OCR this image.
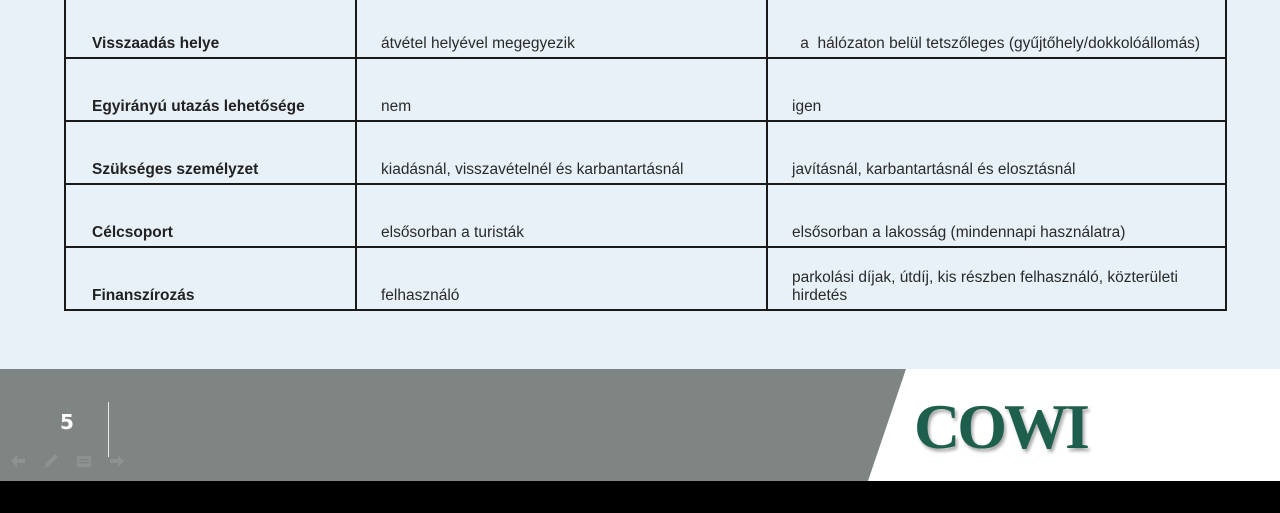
Visszaadás helye	átvétel helyével megegyezik	a  hálózaton belül tetszőleges (gyűjtőhely/dokkolóállomás)
Egyirányú utazás lehetősége	nem	igen
Szükséges személyzet	kiadásnál, visszavételnél és karbantartásnál	javításnál, karbantartásnál és elosztásnál
Célcsoport	elsősorban a turisták	elsősorban a lakosság (mindennapi használatra)
Finanszírozás	felhasználó	parkolási díjak, útdíj, kis részben felhasználó, közterületi hirdetés
5	COWI
